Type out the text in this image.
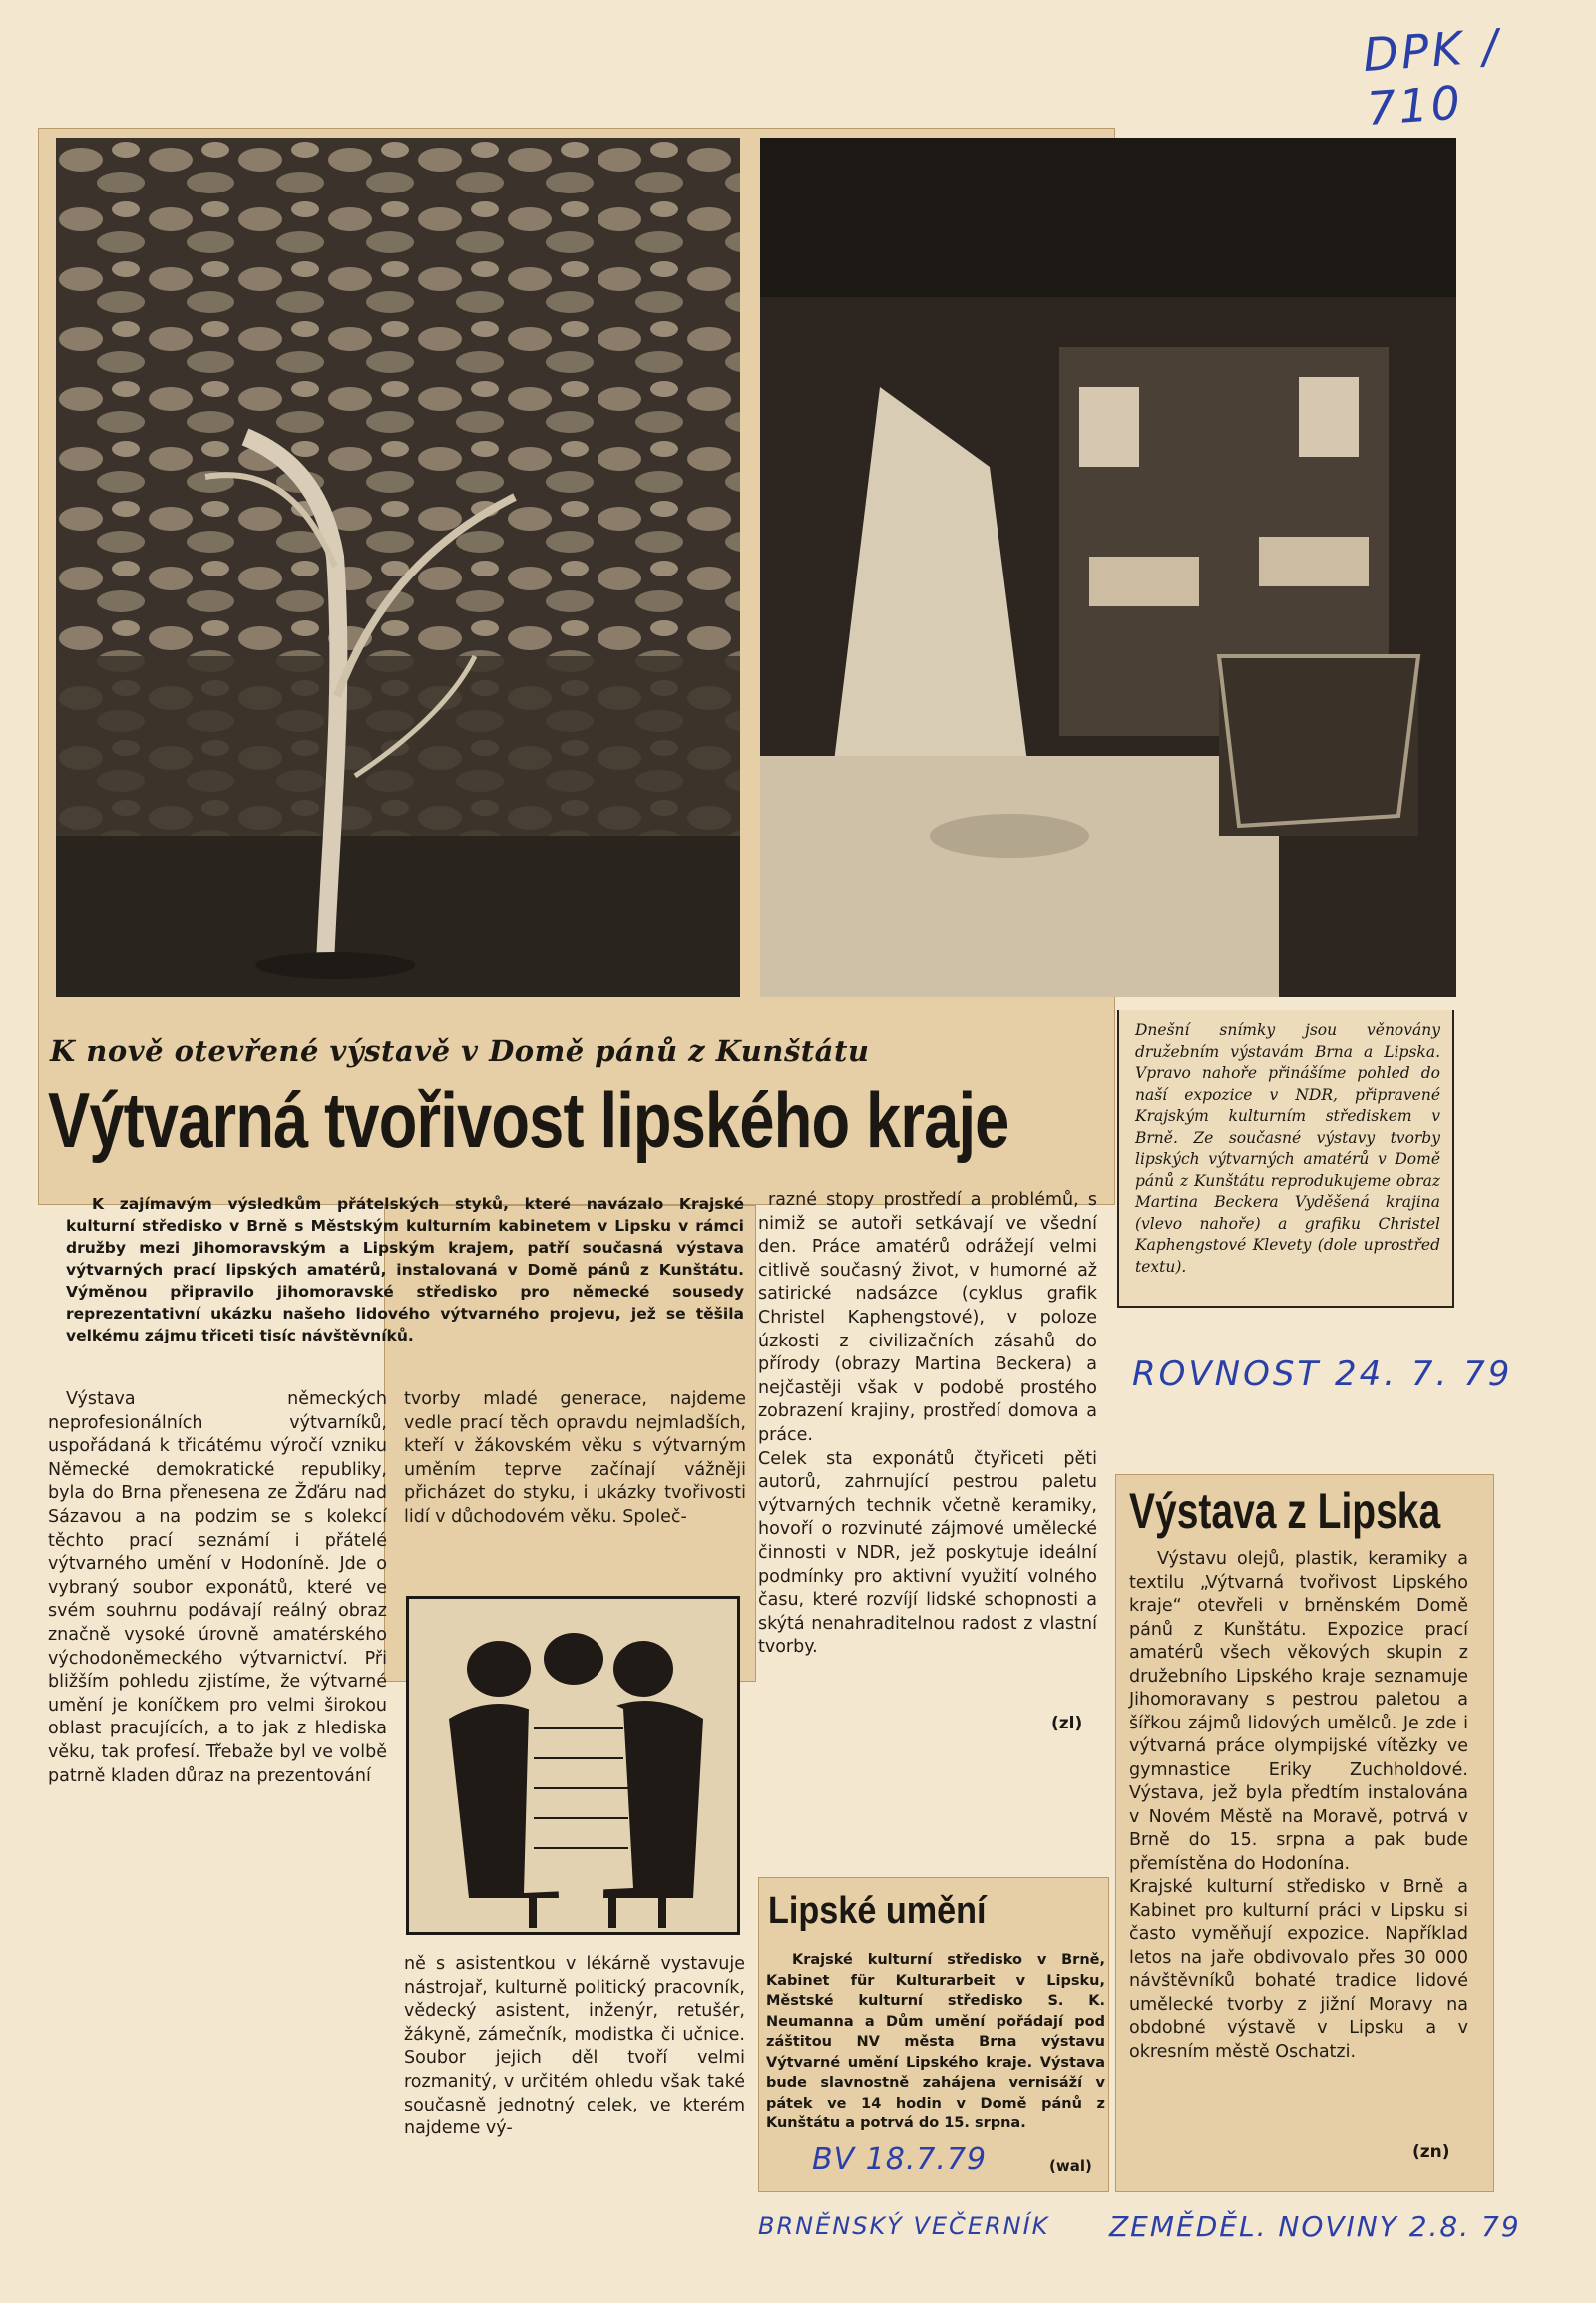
DPK / 710
K nově otevřené výstavě v Domě pánů z Kunštátu
Výtvarná tvořivost lipského kraje
Dnešní snímky jsou věnovány družebním výstavám Brna a Lipska. Vpravo nahoře přinášíme pohled do naší expozice v NDR, připravené Krajským kulturním střediskem v Brně. Ze současné výstavy tvorby lipských výtvarných amatérů v Domě pánů z Kunštátu reprodukujeme obraz Martina Beckera Vyděšená krajina (vlevo nahoře) a grafiku Christel Kaphengstové Klevety (dole uprostřed textu).
K zajímavým výsledkům přátelských styků, které navázalo Krajské kulturní středisko v Brně s Městským kulturním kabinetem v Lipsku v rámci družby mezi Jihomoravským a Lipským krajem, patří současná výstava výtvarných prací lipských amatérů, instalovaná v Domě pánů z Kunštátu. Výměnou připravilo jihomoravské středisko pro německé sousedy reprezentativní ukázku našeho lidového výtvarného projevu, jež se těšila velkému zájmu třiceti tisíc návštěvníků.
razné stopy prostředí a problémů, s nimiž se autoři setkávají ve všední den. Práce amatérů odrážejí velmi citlivě současný život, v humorné až satirické nadsázce (cyklus grafik Christel Kaphengstové), v poloze úzkosti z civilizačních zásahů do přírody (obrazy Martina Beckera) a nejčastěji však v podobě prostého zobrazení krajiny, prostředí domova a práce.
Celek sta exponátů čtyřiceti pěti autorů, zahrnující pestrou paletu výtvarných technik včetně keramiky, hovoří o rozvinuté zájmové umělecké činnosti v NDR, jež poskytuje ideální podmínky pro aktivní využití volného času, které rozvíjí lidské schopnosti a skýtá nenahraditelnou radost z vlastní tvorby.
(zl)
Výstava německých neprofesionálních výtvarníků, uspořádaná k třicátému výročí vzniku Německé demokratické republiky, byla do Brna přenesena ze Žďáru nad Sázavou a na podzim se s kolekcí těchto prací seznámí i přátelé výtvarného umění v Hodoníně. Jde o vybraný soubor exponátů, které ve svém souhrnu podávají reálný obraz značně vysoké úrovně amatérského východoněmeckého výtvarnictví. Při bližším pohledu zjistíme, že výtvarné umění je koníčkem pro velmi širokou oblast pracujících, a to jak z hlediska věku, tak profesí. Třebaže byl ve volbě patrně kladen důraz na prezentování
tvorby mladé generace, najdeme vedle prací těch opravdu nejmladších, kteří v žákovském věku s výtvarným uměním teprve začínají vážněji přicházet do styku, i ukázky tvořivosti lidí v důchodovém věku. Společ-
ně s asistentkou v lékárně vystavuje nástrojař, kulturně politický pracovník, vědecký asistent, inženýr, retušér, žákyně, zámečník, modistka či učnice. Soubor jejich děl tvoří velmi rozmanitý, v určitém ohledu však také současně jednotný celek, ve kterém najdeme vý-
ROVNOST 24. 7. 79
Výstava z Lipska
Výstavu olejů, plastik, keramiky a textilu „Výtvarná tvořivost Lipského kraje“ otevřeli v brněnském Domě pánů z Kunštátu. Expozice prací amatérů všech věkových skupin z družebního Lipského kraje seznamuje Jihomoravany s pestrou paletou a šířkou zájmů lidových umělců. Je zde i výtvarná práce olympijské vítězky ve gymnastice Eriky Zuchholdové. Výstava, jež byla předtím instalována v Novém Městě na Moravě, potrvá v Brně do 15. srpna a pak bude přemístěna do Hodonína.
Krajské kulturní středisko v Brně a Kabinet pro kulturní práci v Lipsku si často vyměňují expozice. Například letos na jaře obdivovalo přes 30 000 návštěvníků bohaté tradice lidové umělecké tvorby z jižní Moravy na obdobné výstavě v Lipsku a v okresním městě Oschatzi.
(zn)
Lipské umění
Krajské kulturní středisko v Brně, Kabinet für Kulturarbeit v Lipsku, Městské kulturní středisko S. K. Neumanna a Dům umění pořádají pod záštitou NV města Brna výstavu Výtvarné umění Lipského kraje. Výstava bude slavnostně zahájena vernisáží v pátek ve 14 hodin v Domě pánů z Kunštátu a potrvá do 15. srpna.
(wal)
BV 18.7.79
BRNĚNSKÝ VEČERNÍK ZEMĚDĚL. NOVINY 2.8. 79
